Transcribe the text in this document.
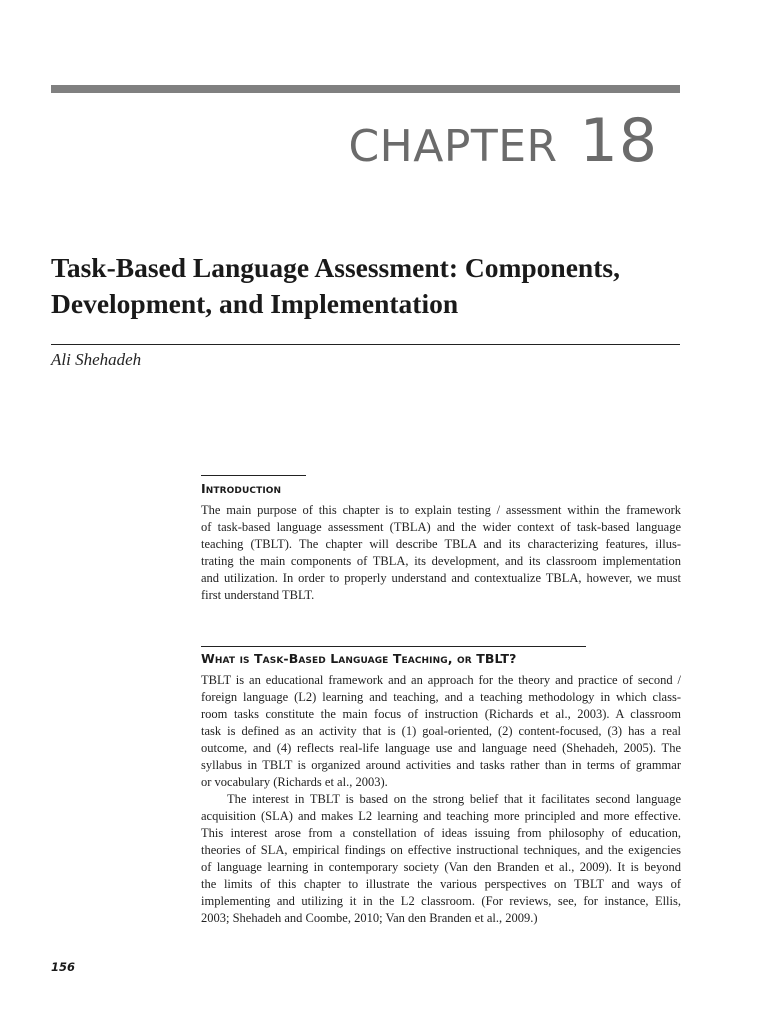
CHAPTER 18
Task-Based Language Assessment: Components,
Development, and Implementation
Ali Shehadeh
Introduction

The main purpose of this chapter is to explain testing / assessment within the framework
of task-based language assessment (TBLA) and the wider context of task-based language
teaching (TBLT). The chapter will describe TBLA and its characterizing features, illus-
trating the main components of TBLA, its development, and its classroom implementation
and utilization. In order to properly understand and contextualize TBLA, however, we must
first understand TBLT.

What is Task-Based Language Teaching, or TBLT?

TBLT is an educational framework and an approach for the theory and practice of second /
foreign language (L2) learning and teaching, and a teaching methodology in which class-
room tasks constitute the main focus of instruction (Richards et al., 2003). A classroom
task is defined as an activity that is (1) goal-oriented, (2) content-focused, (3) has a real
outcome, and (4) reflects real-life language use and language need (Shehadeh, 2005). The
syllabus in TBLT is organized around activities and tasks rather than in terms of grammar
or vocabulary (Richards et al., 2003).
The interest in TBLT is based on the strong belief that it facilitates second language
acquisition (SLA) and makes L2 learning and teaching more principled and more effective.
This interest arose from a constellation of ideas issuing from philosophy of education,
theories of SLA, empirical findings on effective instructional techniques, and the exigencies
of language learning in contemporary society (Van den Branden et al., 2009). It is beyond
the limits of this chapter to illustrate the various perspectives on TBLT and ways of
implementing and utilizing it in the L2 classroom. (For reviews, see, for instance, Ellis,
2003; Shehadeh and Coombe, 2010; Van den Branden et al., 2009.)

156
